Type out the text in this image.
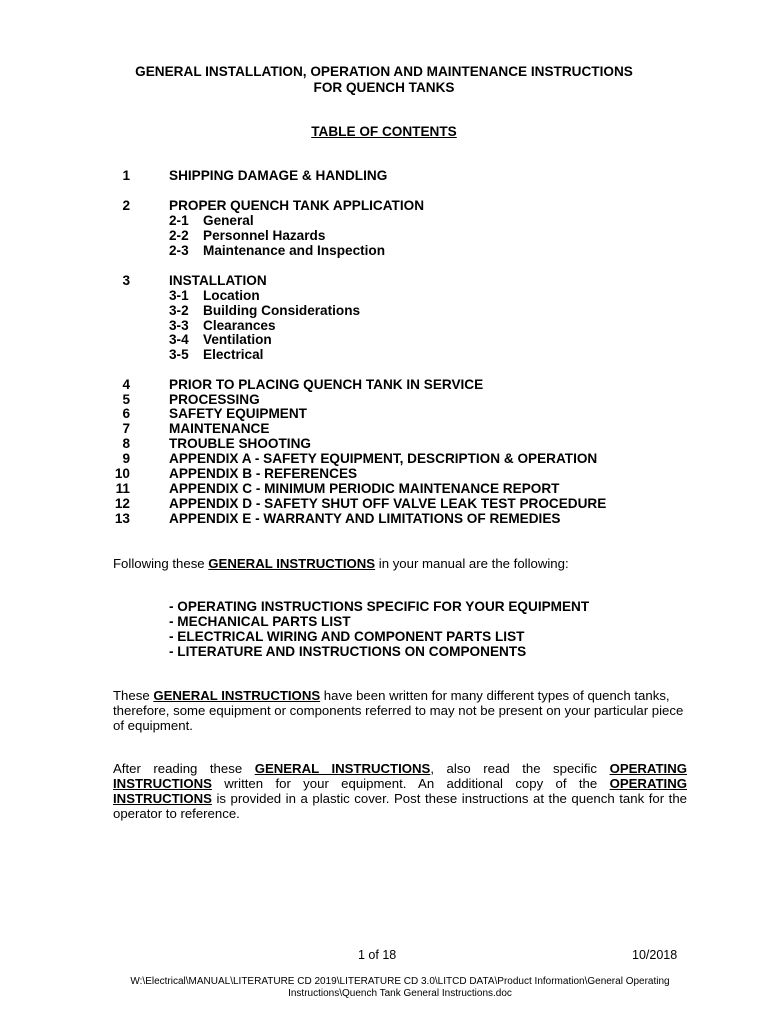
GENERAL INSTALLATION, OPERATION AND MAINTENANCE INSTRUCTIONS
FOR QUENCH TANKS
TABLE OF CONTENTS
1	SHIPPING DAMAGE & HANDLING
2	PROPER QUENCH TANK APPLICATION
2-1 General
2-2 Personnel Hazards
2-3 Maintenance and Inspection
3	INSTALLATION
3-1 Location
3-2 Building Considerations
3-3 Clearances
3-4 Ventilation
3-5 Electrical
4	PRIOR TO PLACING QUENCH TANK IN SERVICE
5	PROCESSING
6	SAFETY EQUIPMENT
7	MAINTENANCE
8	TROUBLE SHOOTING
9	APPENDIX A - SAFETY EQUIPMENT, DESCRIPTION & OPERATION
10	APPENDIX B - REFERENCES
11	APPENDIX C - MINIMUM PERIODIC MAINTENANCE REPORT
12	APPENDIX D - SAFETY SHUT OFF VALVE LEAK TEST PROCEDURE
13	APPENDIX E - WARRANTY AND LIMITATIONS OF REMEDIES
Following these GENERAL INSTRUCTIONS in your manual are the following:
- OPERATING INSTRUCTIONS SPECIFIC FOR YOUR EQUIPMENT
- MECHANICAL PARTS LIST
- ELECTRICAL WIRING AND COMPONENT PARTS LIST
- LITERATURE AND INSTRUCTIONS ON COMPONENTS
These GENERAL INSTRUCTIONS have been written for many different types of quench tanks, therefore, some equipment or components referred to may not be present on your particular piece of equipment.
After reading these GENERAL INSTRUCTIONS, also read the specific OPERATING INSTRUCTIONS written for your equipment. An additional copy of the OPERATING INSTRUCTIONS is provided in a plastic cover. Post these instructions at the quench tank for the operator to reference.
1 of 18	10/2018
W:\Electrical\MANUAL\LITERATURE CD 2019\LITERATURE CD 3.0\LITCD DATA\Product Information\General Operating Instructions\Quench Tank General Instructions.doc
